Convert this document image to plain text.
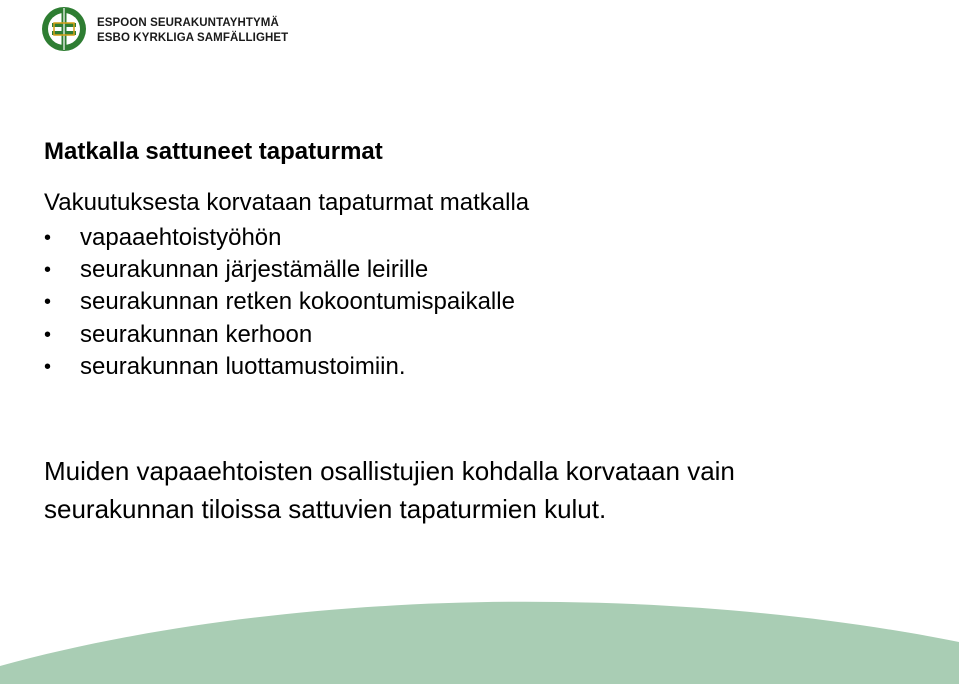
ESPOON SEURAKUNTAYHTYMÄ
ESBO KYRKLIGA SAMFÄLLIGHET
Matkalla sattuneet tapaturmat

Vakuutuksesta korvataan tapaturmat matkalla

• vapaaehtoistyöhön
• seurakunnan järjestämälle leirille
• seurakunnan retken kokoontumispaikalle
• seurakunnan kerhoon
• seurakunnan luottamustoimiin.
Muiden vapaaehtoisten osallistujien kohdalla korvataan vain
seurakunnan tiloissa sattuvien tapaturmien kulut.
